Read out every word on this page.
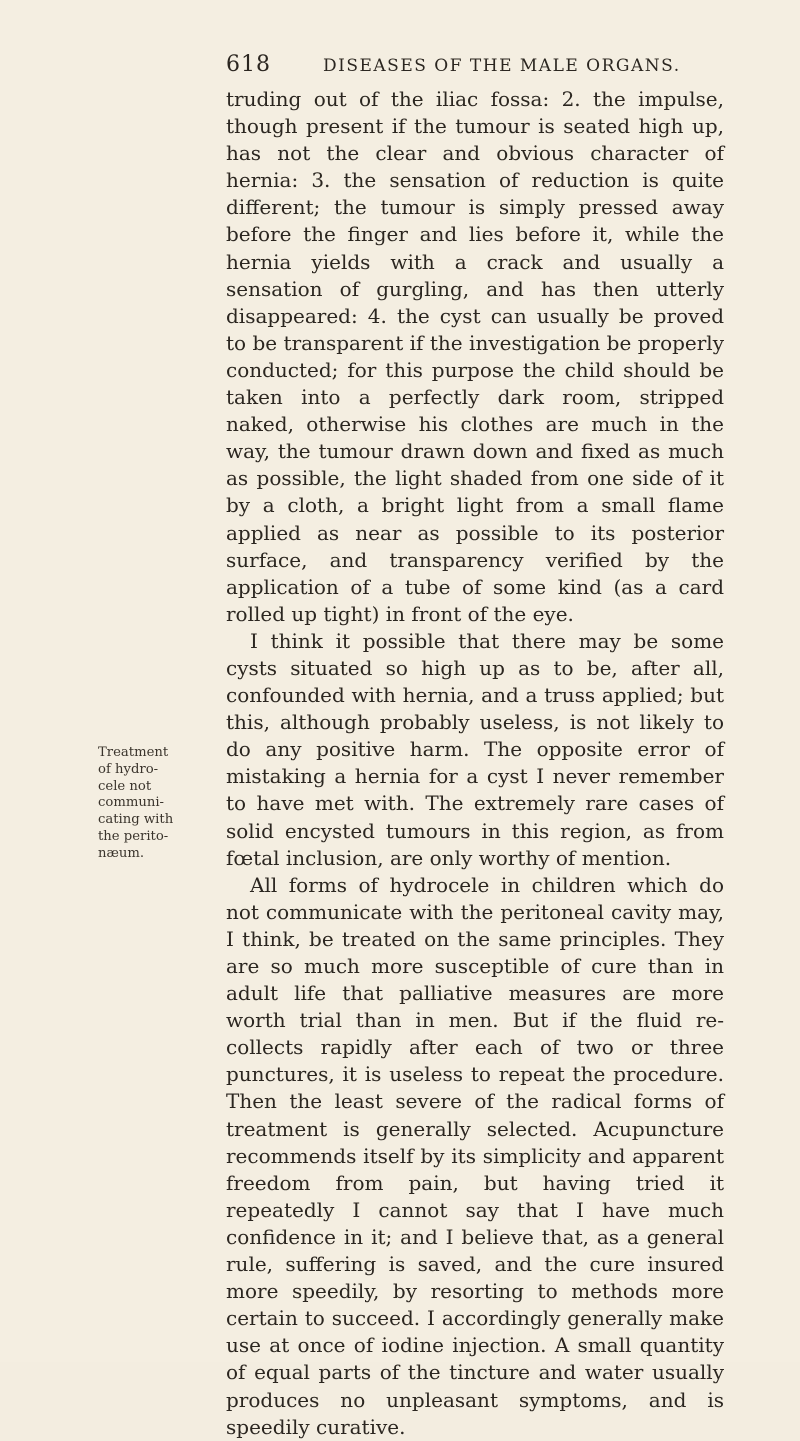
618	DISEASES OF THE MALE ORGANS.
Treatment
of hydro-
cele not
communi-
cating with
the perito-
næum.

truding out of the iliac fossa: 2. the impulse, though present if the tumour is seated high up, has not the clear and obvious character of hernia: 3. the sensation of reduction is quite different; the tumour is simply pressed away before the finger and lies before it, while the hernia yields with a crack and usually a sensation of gurgling, and has then utterly disappeared: 4. the cyst can usually be proved to be transparent if the investigation be properly conducted; for this purpose the child should be taken into a perfectly dark room, stripped naked, otherwise his clothes are much in the way, the tumour drawn down and fixed as much as possible, the light shaded from one side of it by a cloth, a bright light from a small flame applied as near as possible to its posterior surface, and transparency verified by the application of a tube of some kind (as a card rolled up tight) in front of the eye.

I think it possible that there may be some cysts situated so high up as to be, after all, confounded with hernia, and a truss applied; but this, although probably useless, is not likely to do any positive harm. The opposite error of mistaking a hernia for a cyst I never remember to have met with. The extremely rare cases of solid encysted tumours in this region, as from fœtal inclusion, are only worthy of mention.

All forms of hydrocele in children which do not communicate with the peritoneal cavity may, I think, be treated on the same principles. They are so much more susceptible of cure than in adult life that palliative measures are more worth trial than in men. But if the fluid re-collects rapidly after each of two or three punctures, it is useless to repeat the procedure. Then the least severe of the radical forms of treatment is generally selected. Acupuncture recommends itself by its simplicity and apparent freedom from pain, but having tried it repeatedly I cannot say that I have much confidence in it; and I believe that, as a general rule, suffering is saved, and the cure insured more speedily, by resorting to methods more certain to succeed. I accordingly generally make use at once of iodine injection. A small quantity of equal parts of the tincture and water usually produces no unpleasant symptoms, and is speedily curative.
